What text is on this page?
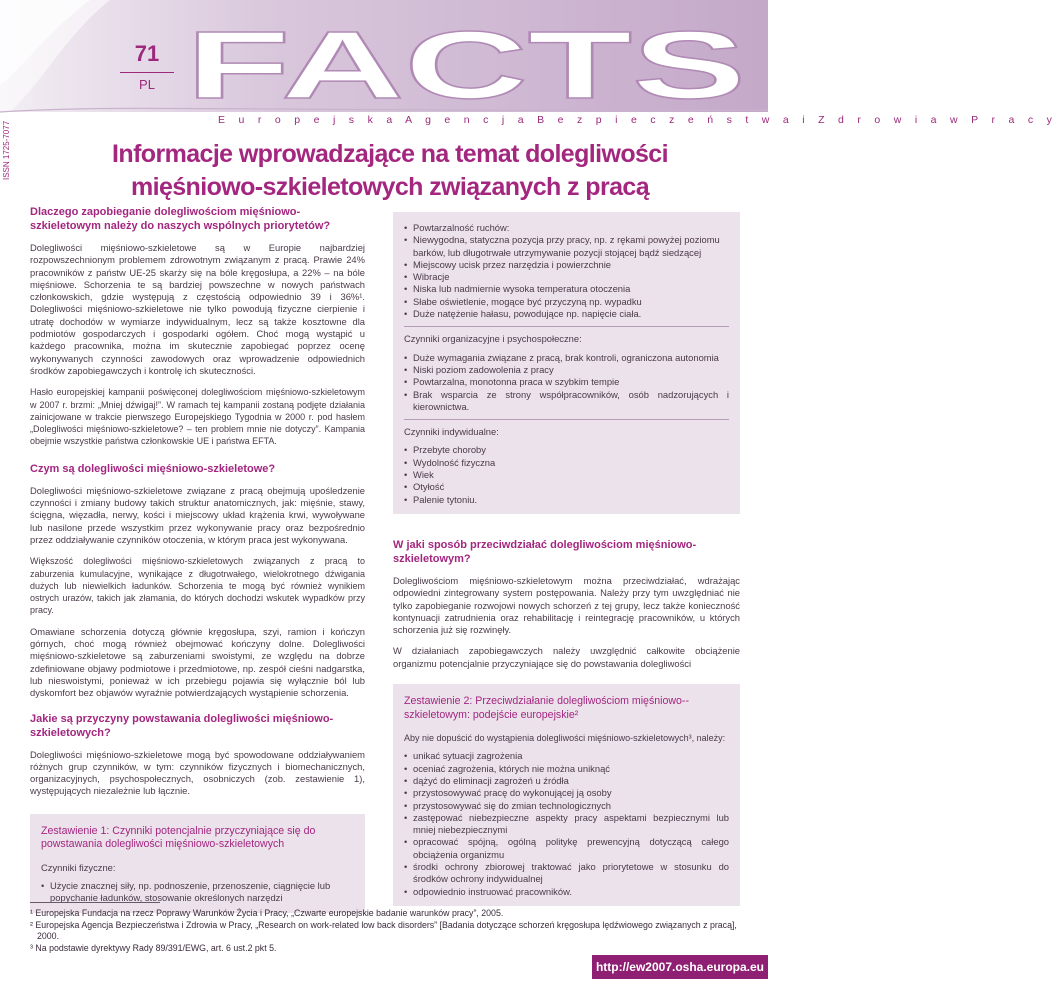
71
PL FACTS
E u r o p e j s k a A g e n c j a B e z p i e c z e ń s t w a i Z d r o w i a w P r a c y
ISSN 1725-7077	Informacje wprowadzające na temat dolegliwości
mięśniowo-szkieletowych związanych z pracą
Dlaczego zapobieganie dolegliwościom mięśniowo-szkieletowym należy do naszych wspólnych priorytetów?
Dolegliwości mięśniowo-szkieletowe są w Europie najbardziej rozpowszechnionym problemem zdrowotnym związanym z pracą. Prawie 24% pracowników z państw UE-25 skarży się na bóle kręgosłupa, a 22% – na bóle mięśniowe. Schorzenia te są bardziej powszechne w nowych państwach członkowskich, gdzie występują z częstością odpowiednio 39 i 36%¹. Dolegliwości mięśniowo-szkieletowe nie tylko powodują fizyczne cierpienie i utratę dochodów w wymiarze indywidualnym, lecz są także kosztowne dla podmiotów gospodarczych i gospodarki ogółem. Choć mogą wystąpić u każdego pracownika, można im skutecznie zapobiegać poprzez ocenę wykonywanych czynności zawodowych oraz wprowadzenie odpowiednich środków zapobiegawczych i kontrolę ich skuteczności.
Hasło europejskiej kampanii poświęconej dolegliwościom mięśniowo-szkieletowym w 2007 r. brzmi: „Mniej dźwigaj!”. W ramach tej kampanii zostaną podjęte działania zainicjowane w trakcie pierwszego Europejskiego Tygodnia w 2000 r. pod hasłem „Dolegliwości mięśniowo-szkieletowe? – ten problem mnie nie dotyczy”. Kampania obejmie wszystkie państwa członkowskie UE i państwa EFTA.
Czym są dolegliwości mięśniowo-szkieletowe?
Dolegliwości mięśniowo-szkieletowe związane z pracą obejmują upośledzenie czynności i zmiany budowy takich struktur anatomicznych, jak: mięśnie, stawy, ścięgna, więzadła, nerwy, kości i miejscowy układ krążenia krwi, wywoływane lub nasilone przede wszystkim przez wykonywanie pracy oraz bezpośrednio przez oddziaływanie czynników otoczenia, w którym praca jest wykonywana.
Większość dolegliwości mięśniowo-szkieletowych związanych z pracą to zaburzenia kumulacyjne, wynikające z długotrwałego, wielokrotnego dźwigania dużych lub niewielkich ładunków. Schorzenia te mogą być również wynikiem ostrych urazów, takich jak złamania, do których dochodzi wskutek wypadków przy pracy.
Omawiane schorzenia dotyczą głównie kręgosłupa, szyi, ramion i kończyn górnych, choć mogą również obejmować kończyny dolne. Dolegliwości mięśniowo-szkieletowe są zaburzeniami swoistymi, ze względu na dobrze zdefiniowane objawy podmiotowe i przedmiotowe, np. zespół cieśni nadgarstka, lub nieswoistymi, ponieważ w ich przebiegu pojawia się wyłącznie ból lub dyskomfort bez objawów wyraźnie potwierdzających wystąpienie schorzenia.
Jakie są przyczyny powstawania dolegliwości mięśniowo-szkieletowych?
Dolegliwości mięśniowo-szkieletowe mogą być spowodowane oddziaływaniem różnych grup czynników, w tym: czynników fizycznych i biomechanicznych, organizacyjnych, psychospołecznych, osobniczych (zob. zestawienie 1), występujących niezależnie lub łącznie.
Zestawienie 1: Czynniki potencjalnie przyczyniające się do powstawania dolegliwości mięśniowo-szkieletowych
Czynniki fizyczne:
• Użycie znacznej siły, np. podnoszenie, przenoszenie, ciągnięcie lub popychanie ładunków, stosowanie określonych narzędzi
• Powtarzalność ruchów:
• Niewygodna, statyczna pozycja przy pracy, np. z rękami powyżej poziomu barków, lub długotrwałe utrzymywanie pozycji stojącej bądź siedzącej
• Miejscowy ucisk przez narzędzia i powierzchnie
• Wibracje
• Niska lub nadmiernie wysoka temperatura otoczenia
• Słabe oświetlenie, mogące być przyczyną np. wypadku
• Duże natężenie hałasu, powodujące np. napięcie ciała.
Czynniki organizacyjne i psychospołeczne:
• Duże wymagania związane z pracą, brak kontroli, ograniczona autonomia
• Niski poziom zadowolenia z pracy
• Powtarzalna, monotonna praca w szybkim tempie
• Brak wsparcia ze strony współpracowników, osób nadzorujących i kierownictwa.
Czynniki indywidualne:
• Przebyte choroby
• Wydolność fizyczna
• Wiek
• Otyłość
• Palenie tytoniu.
W jaki sposób przeciwdziałać dolegliwościom mięśniowo-szkieletowym?
Dolegliwościom mięśniowo-szkieletowym można przeciwdziałać, wdrażając odpowiedni zintegrowany system postępowania. Należy przy tym uwzględniać nie tylko zapobieganie rozwojowi nowych schorzeń z tej grupy, lecz także konieczność kontynuacji zatrudnienia oraz rehabilitację i reintegrację pracowników, u których schorzenia już się rozwinęły.
W działaniach zapobiegawczych należy uwzględnić całkowite obciążenie organizmu potencjalnie przyczyniające się do powstawania dolegliwości
Zestawienie 2: Przeciwdziałanie dolegliwościom mięśniowo--szkieletowym: podejście europejskie²
Aby nie dopuścić do wystąpienia dolegliwości mięśniowo-szkieletowych³, należy:
• unikać sytuacji zagrożenia
• oceniać zagrożenia, których nie można uniknąć
• dążyć do eliminacji zagrożeń u źródła
• przystosowywać pracę do wykonującej ją osoby
• przystosowywać się do zmian technologicznych
• zastępować niebezpieczne aspekty pracy aspektami bezpiecznymi lub mniej niebezpiecznymi
• opracować spójną, ogólną politykę prewencyjną dotyczącą całego obciążenia organizmu
• środki ochrony zbiorowej traktować jako priorytetowe w stosunku do środków ochrony indywidualnej
• odpowiednio instruować pracowników.
¹ Europejska Fundacja na rzecz Poprawy Warunków Życia i Pracy, „Czwarte europejskie badanie warunków pracy”, 2005.
² Europejska Agencja Bezpieczeństwa i Zdrowia w Pracy, „Research on work-related low back disorders” [Badania dotyczące schorzeń kręgosłupa lędźwiowego związanych z pracą], 2000.
³ Na podstawie dyrektywy Rady 89/391/EWG, art. 6 ust.2 pkt 5.
http://ew2007.osha.europa.eu
